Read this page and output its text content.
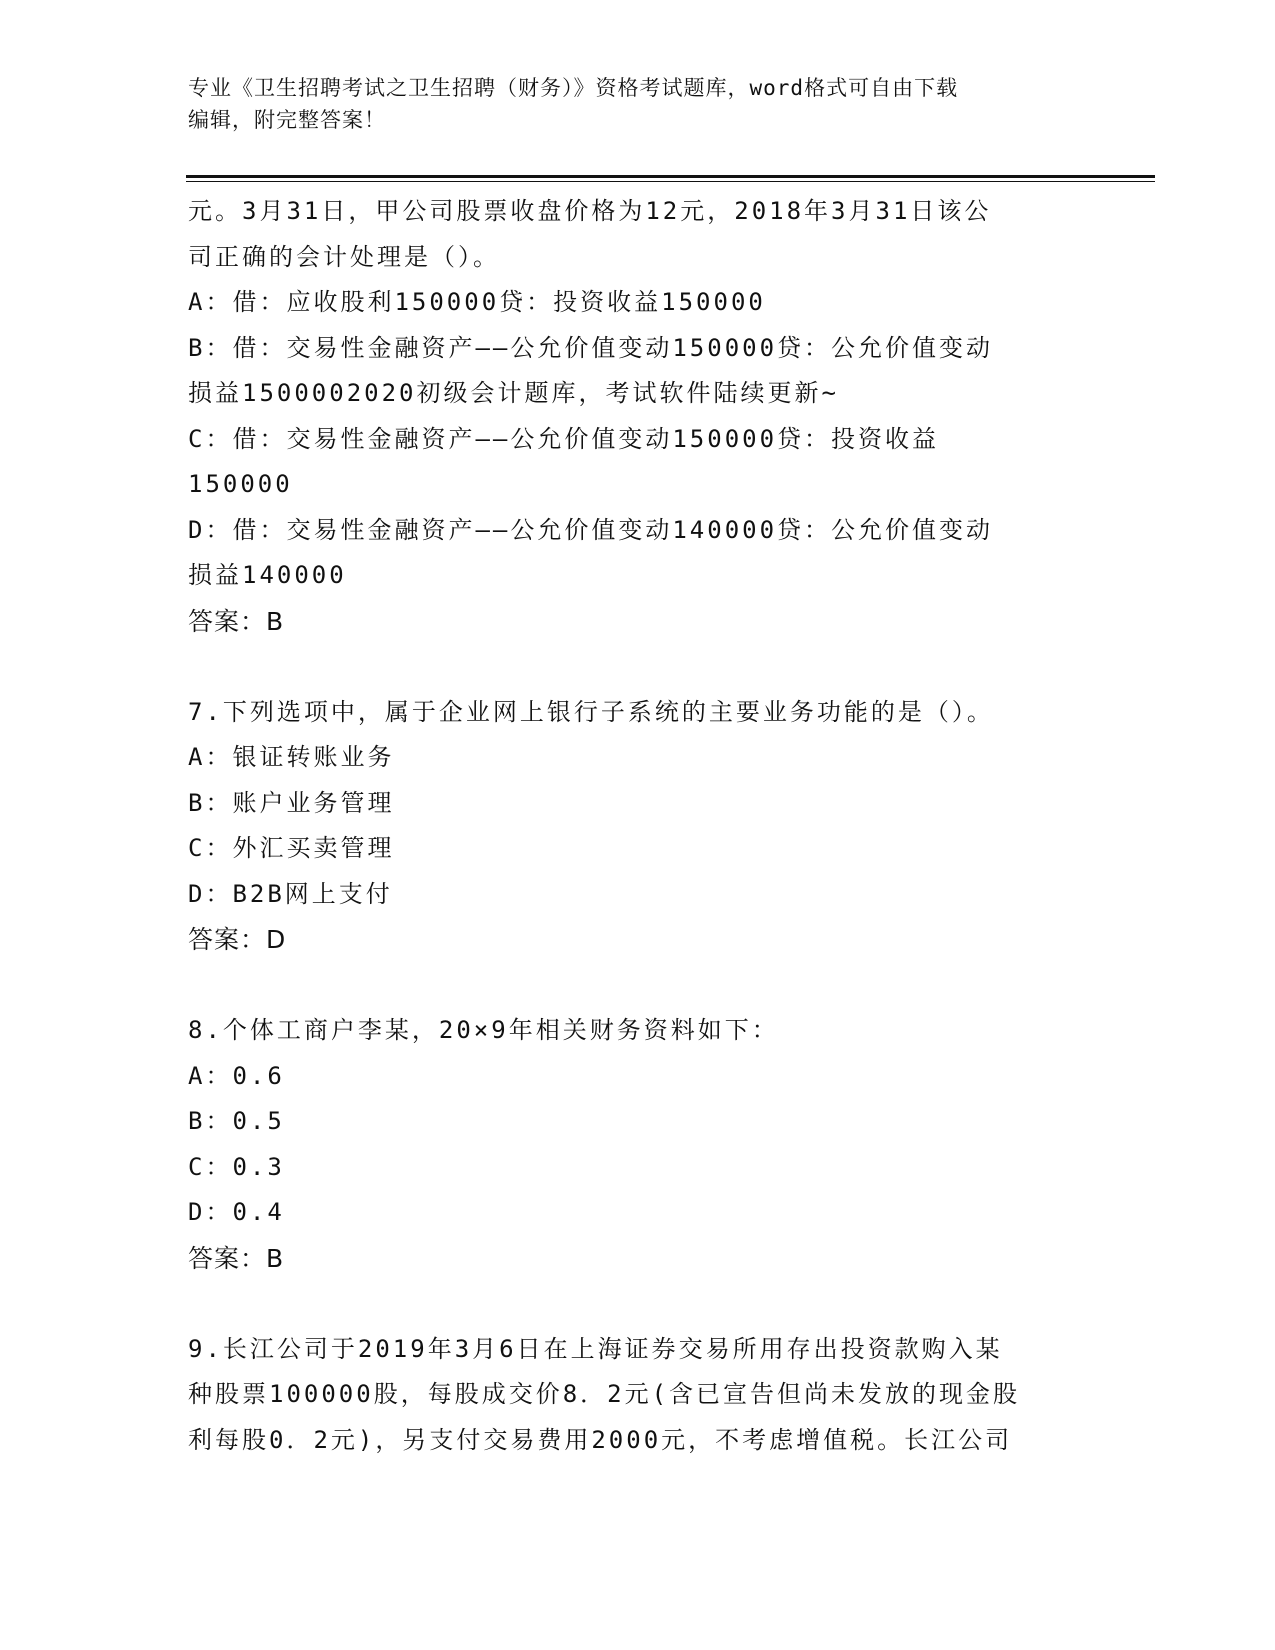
专业《卫生招聘考试之卫生招聘（财务）》资格考试题库，word格式可自由下载
编辑，附完整答案！
元。3月31日，甲公司股票收盘价格为12元，2018年3月31日该公
司正确的会计处理是（）。
A：借：应收股利150000贷：投资收益150000
B：借：交易性金融资产——公允价值变动150000贷：公允价值变动
损益1500002020初级会计题库，考试软件陆续更新~
C：借：交易性金融资产——公允价值变动150000贷：投资收益
150000
D：借：交易性金融资产——公允价值变动140000贷：公允价值变动
损益140000
答案：B
7.下列选项中，属于企业网上银行子系统的主要业务功能的是（）。
A：银证转账业务
B：账户业务管理
C：外汇买卖管理
D：B2B网上支付
答案：D
8.个体工商户李某，20×9年相关财务资料如下：
A：0.6
B：0.5
C：0.3
D：0.4
答案：B
9.长江公司于2019年3月6日在上海证券交易所用存出投资款购入某
种股票100000股，每股成交价8．2元(含已宣告但尚未发放的现金股
利每股0．2元)，另支付交易费用2000元，不考虑增值税。长江公司
